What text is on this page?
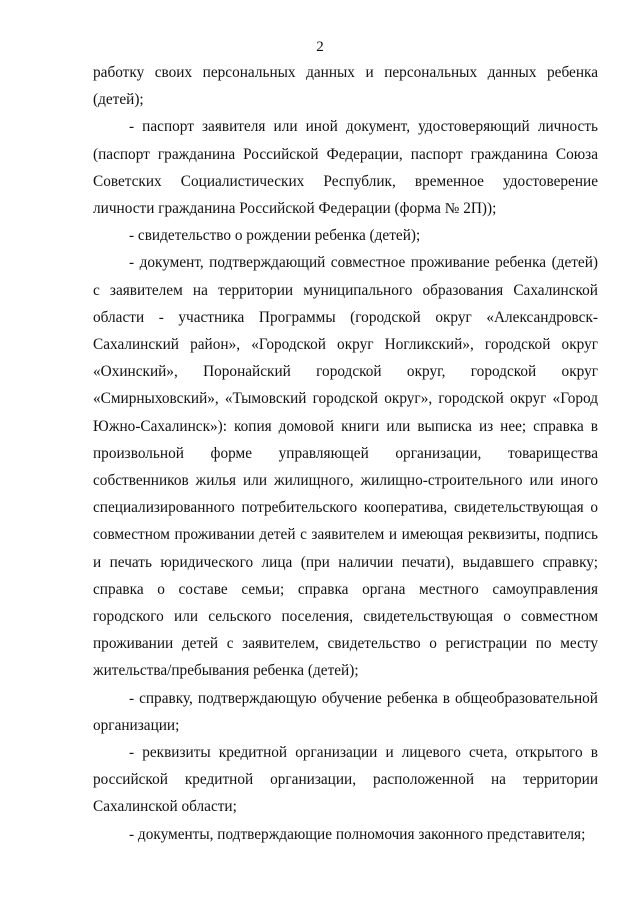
2

работку своих персональных данных и персональных данных ребенка (детей);

- паспорт заявителя или иной документ, удостоверяющий личность (паспорт гражданина Российской Федерации, паспорт гражданина Союза Советских Социалистических Республик, временное удостоверение личности гражданина Российской Федерации (форма № 2П));

- свидетельство о рождении ребенка (детей);

- документ, подтверждающий совместное проживание ребенка (детей) с заявителем на территории муниципального образования Сахалинской области - участника Программы (городской округ «Александровск-Сахалинский район», «Городской округ Ногликский», городской округ «Охинский», Поронайский городской округ, городской округ «Смирныховский», «Тымовский городской округ», городской округ «Город Южно-Сахалинск»): копия домовой книги или выписка из нее; справка в произвольной форме управляющей организации, товарищества собственников жилья или жилищного, жилищно-строительного или иного специализированного потребительского кооператива, свидетельствующая о совместном проживании детей с заявителем и имеющая реквизиты, подпись и печать юридического лица (при наличии печати), выдавшего справку; справка о составе семьи; справка органа местного самоуправления городского или сельского поселения, свидетельствующая о совместном проживании детей с заявителем, свидетельство о регистрации по месту жительства/пребывания ребенка (детей);

- справку, подтверждающую обучение ребенка в общеобразовательной организации;

- реквизиты кредитной организации и лицевого счета, открытого в российской кредитной организации, расположенной на территории Сахалинской области;

- документы, подтверждающие полномочия законного представителя;
